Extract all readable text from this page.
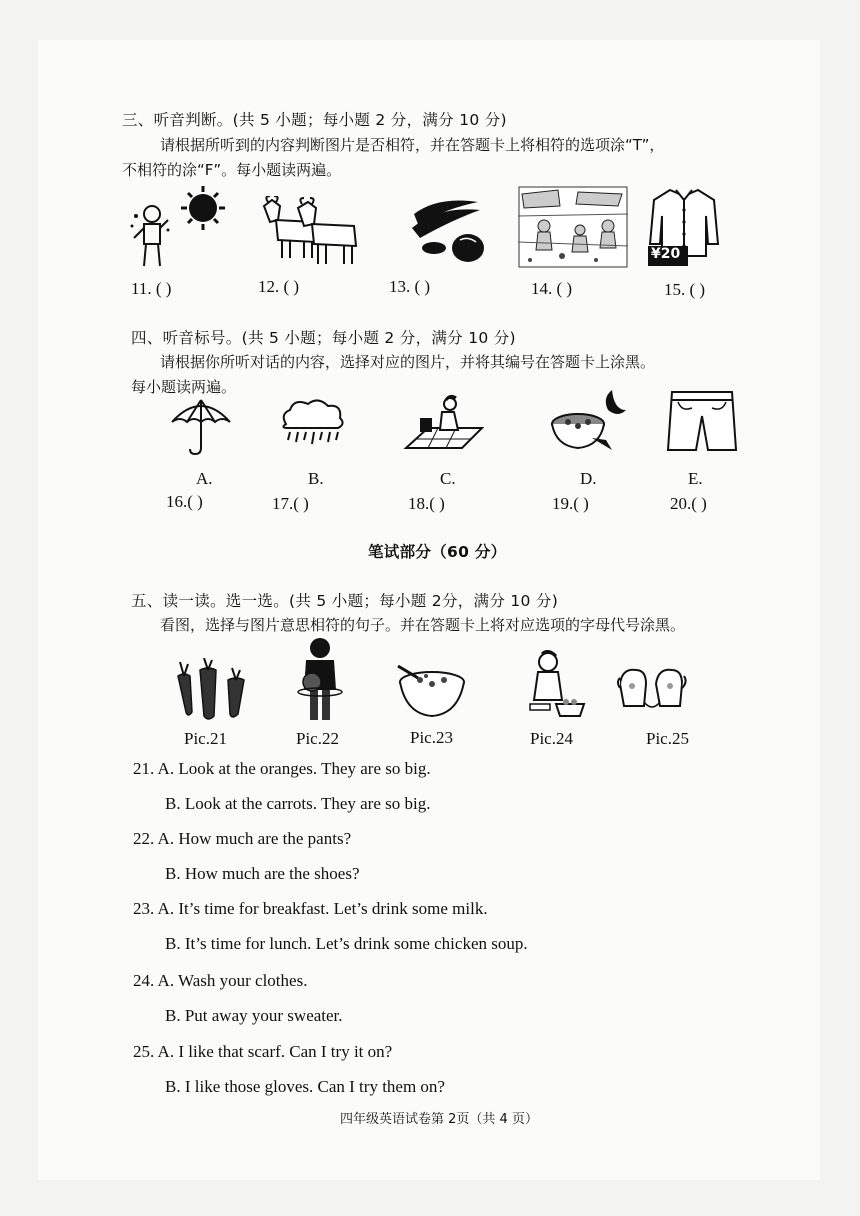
三、听音判断。(共 5 小题；每小题 2 分，满分 10 分)
请根据所听到的内容判断图片是否相符，并在答题卡上将相符的选项涂“T”，
不相符的涂“F”。每小题读两遍。
¥20
11. ( )	12. ( )	13. ( )	14. ( )	15. ( )
四、听音标号。(共 5 小题；每小题 2 分，满分 10 分)
请根据你所听对话的内容，选择对应的图片，并将其编号在答题卡上涂黑。
每小题读两遍。
A.	B.	C.	D.	E.
16.( )	17.( )	18.( )	19.( )	20.( )
笔试部分（60 分）
五、读一读。选一选。(共 5 小题；每小题 2分，满分 10 分)
看图，选择与图片意思相符的句子。并在答题卡上将对应选项的字母代号涂黑。
Pic.21	Pic.22	Pic.23	Pic.24	Pic.25
21. A. Look at the oranges. They are so big.
B. Look at the carrots. They are so big.
22. A. How much are the pants?
B. How much are the shoes?
23. A. It’s time for breakfast. Let’s drink some milk.
B. It’s time for lunch. Let’s drink some chicken soup.
24. A. Wash your clothes.
B. Put away your sweater.
25. A. I like that scarf. Can I try it on?
B. I like those gloves. Can I try them on?
四年级英语试卷第 2页（共 4 页）
